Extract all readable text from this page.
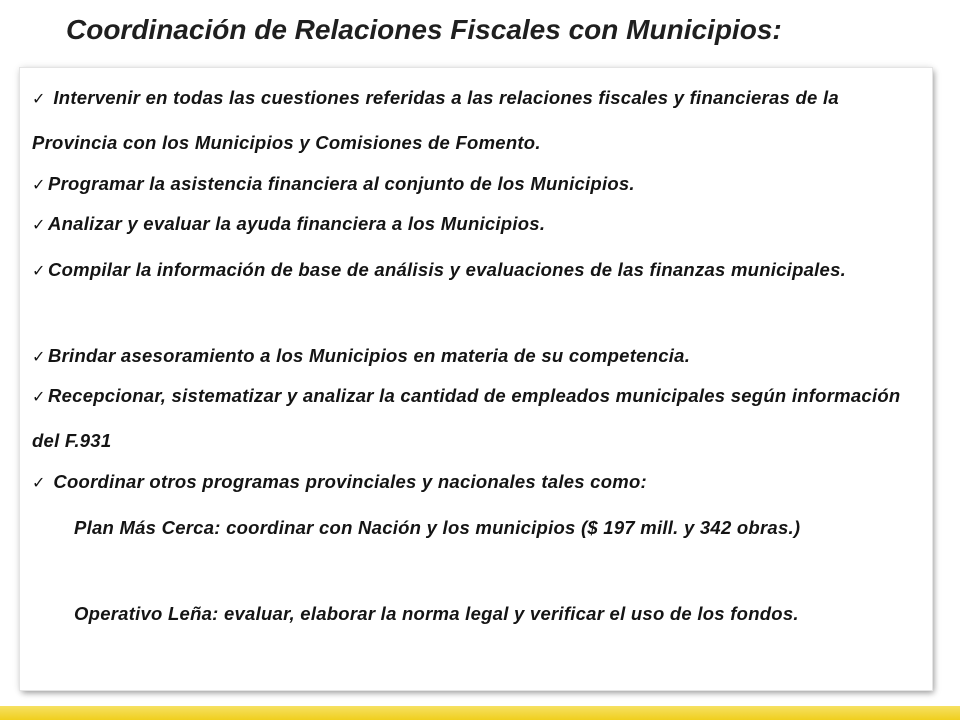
Coordinación de Relaciones Fiscales con Municipios:
✓ Intervenir en todas las cuestiones referidas a las relaciones fiscales y financieras de la Provincia con los Municipios y Comisiones de Fomento.
✓ Programar la asistencia financiera al conjunto de los Municipios.
✓ Analizar y evaluar la ayuda financiera a los Municipios.
✓ Compilar la información de base de análisis y evaluaciones de las finanzas municipales.
✓ Brindar asesoramiento a los Municipios en materia de su competencia.
✓ Recepcionar, sistematizar y analizar la cantidad de empleados municipales según información del F.931
✓ Coordinar otros programas provinciales y nacionales tales como:
Plan Más Cerca: coordinar con Nación y los municipios ($ 197 mill. y 342 obras.)
Operativo Leña: evaluar, elaborar la norma legal y verificar el uso de los fondos.
